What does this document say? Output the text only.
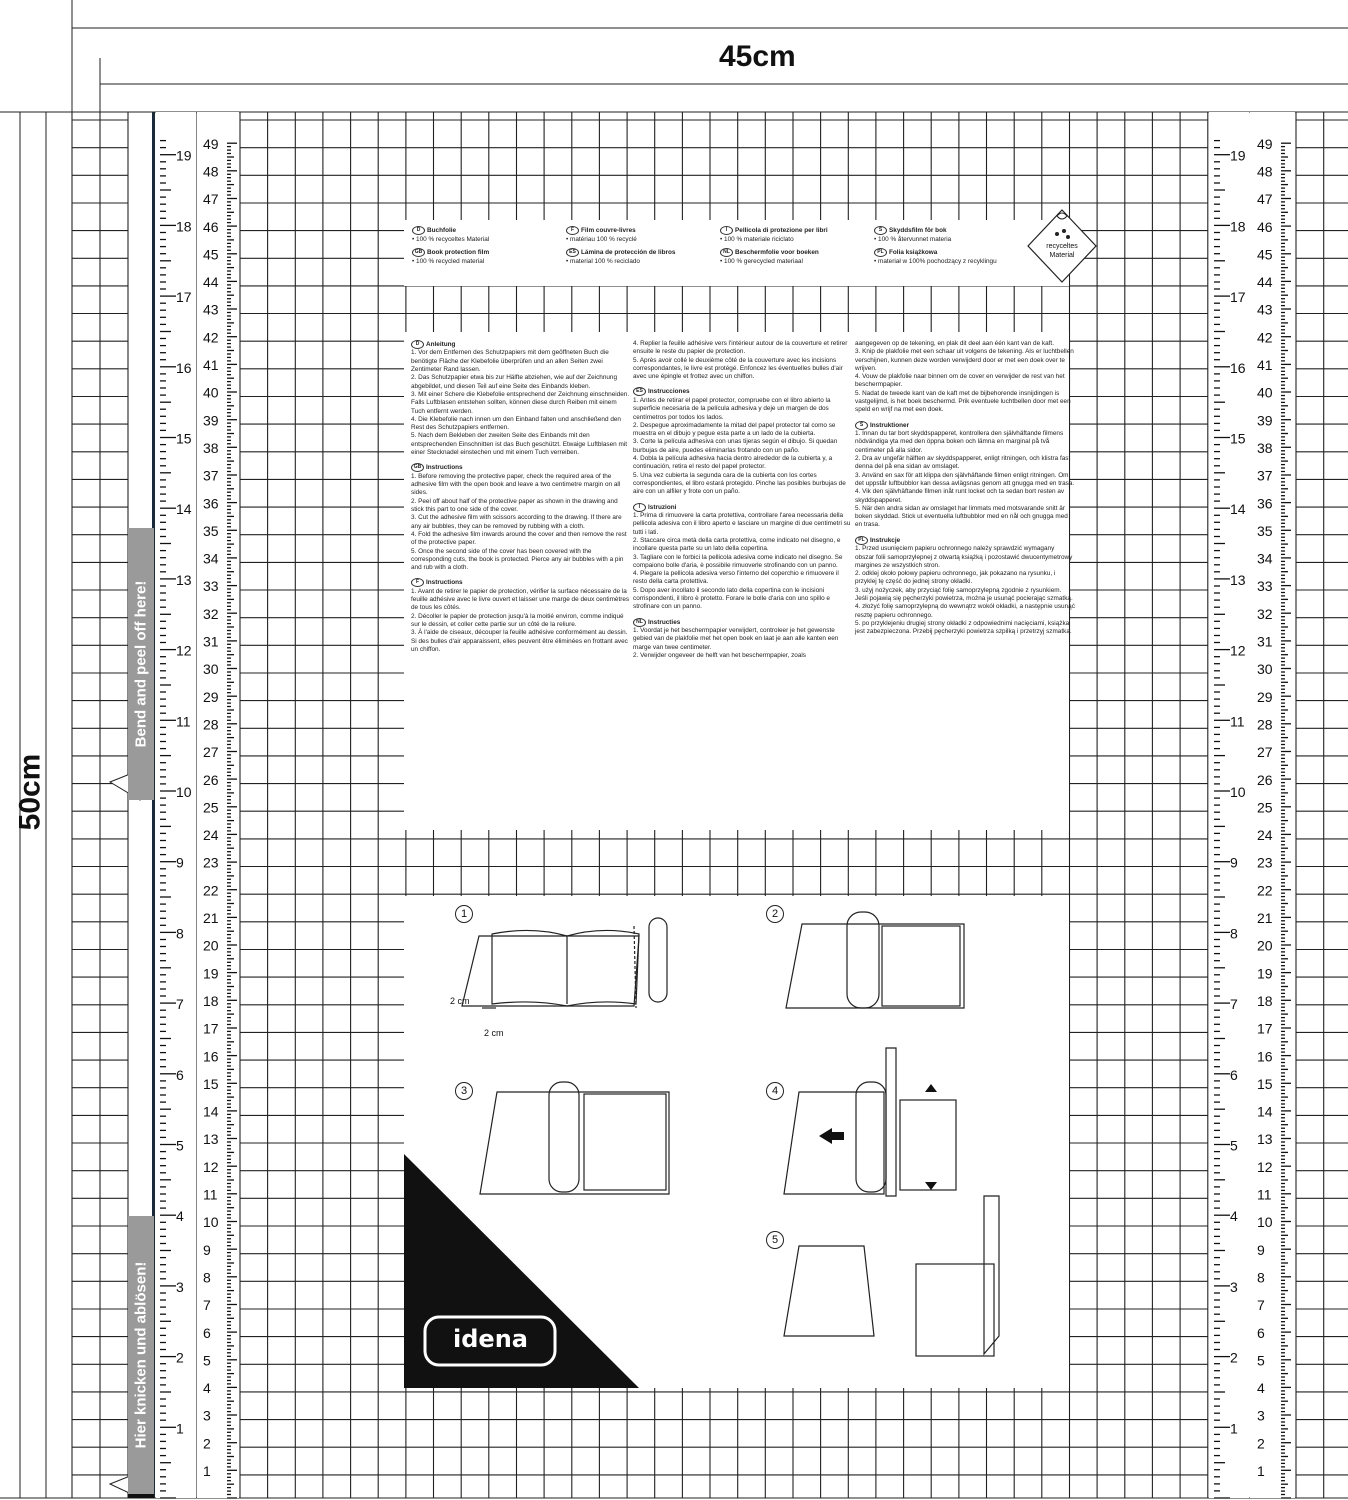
1
2
3
4
5
6
7
8
9
10
11
12
13
14
15
16
17
18
19
1
2
3
4
5
6
7
8
9
10
11
12
13
14
15
16
17
18
19
1
2
3
4
5
6
7
8
9
10
11
12
13
14
15
16
17
18
19
20
21
22
23
24
25
26
27
28
29
30
31
32
33
34
35
36
37
38
39
40
41
42
43
44
45
46
47
48
49
1
2
3
4
5
6
7
8
9
10
11
12
13
14
15
16
17
18
19
20
21
22
23
24
25
26
27
28
29
30
31
32
33
34
35
36
37
38
39
40
41
42
43
44
45
46
47
48
49
45cm
50cm
Bend and peel off here!
Hier knicken und ablösen!
D Buchfolie
• 100 % recyceltes Material
GB Book protection film
• 100 % recycled material
F Film couvre-livres
• matériau 100 % recyclé
ES Lámina de protección de libros
• material 100 % reciclado
I Pellicola di protezione per libri
• 100 % materiale riciclato
NL Beschermfolie voor boeken
• 100 % gerecycled materiaal
S Skyddsfilm för bok
• 100 % återvunnet materia
PL Folia książkowa
• materiał w 100% pochodzący z recyklingu
recyceltes
Material
D Anleitung

1. Vor dem Entfernen des Schutzpapiers mit dem geöffneten Buch die benötigte Fläche der Klebefolie überprüfen und an allen Seiten zwei Zentimeter Rand lassen.
2. Das Schutzpapier etwa bis zur Hälfte abziehen, wie auf der Zeichnung abgebildet, und diesen Teil auf eine Seite des Einbands kleben.
3. Mit einer Schere die Klebefolie entsprechend der Zeichnung einschneiden. Falls Luftblasen entstehen sollten, können diese durch Reiben mit einem Tuch entfernt werden.
4. Die Klebefolie nach innen um den Einband falten und anschließend den Rest des Schutzpapiers entfernen.
5. Nach dem Bekleben der zweiten Seite des Einbands mit den entsprechenden Einschnitten ist das Buch geschützt. Etwaige Luftblasen mit einer Stecknadel einstechen und mit einem Tuch verreiben.

GB Instructions

1. Before removing the protective paper, check the required area of the adhesive film with the open book and leave a two centimetre margin on all sides.
2. Peel off about half of the protective paper as shown in the drawing and stick this part to one side of the cover.
3. Cut the adhesive film with scissors according to the drawing. If there are any air bubbles, they can be removed by rubbing with a cloth.
4. Fold the adhesive film inwards around the cover and then remove the rest of the protective paper.
5. Once the second side of the cover has been covered with the corresponding cuts, the book is protected. Pierce any air bubbles with a pin and rub with a cloth.

F Instructions

1. Avant de retirer le papier de protection, vérifier la surface nécessaire de la feuille adhésive avec le livre ouvert et laisser une marge de deux centimètres de tous les côtés.
2. Décoller le papier de protection jusqu'à la moitié environ, comme indiqué sur le dessin, et coller cette partie sur un côté de la reliure.
3. À l'aide de ciseaux, découper la feuille adhésive conformément au dessin. Si des bulles d'air apparaissent, elles peuvent être éliminées en frottant avec un chiffon.

4. Replier la feuille adhésive vers l'intérieur autour de la couverture et retirer ensuite le reste du papier de protection.
5. Après avoir collé le deuxième côté de la couverture avec les incisions correspondantes, le livre est protégé. Enfoncez les éventuelles bulles d'air avec une épingle et frottez avec un chiffon.

ES Instrucciones

1. Antes de retirar el papel protector, compruebe con el libro abierto la superficie necesaria de la película adhesiva y deje un margen de dos centímetros por todos los lados.
2. Despegue aproximadamente la mitad del papel protector tal como se muestra en el dibujo y pegue esta parte a un lado de la cubierta.
3. Corte la película adhesiva con unas tijeras según el dibujo. Si quedan burbujas de aire, puedes eliminarlas frotando con un paño.
4. Dobla la película adhesiva hacia dentro alrededor de la cubierta y, a continuación, retira el resto del papel protector.
5. Una vez cubierta la segunda cara de la cubierta con los cortes correspondientes, el libro estará protegido. Pinche las posibles burbujas de aire con un alfiler y frote con un paño.

I Istruzioni

1. Prima di rimuovere la carta protettiva, controllare l'area necessaria della pellicola adesiva con il libro aperto e lasciare un margine di due centimetri su tutti i lati.
2. Staccare circa metà della carta protettiva, come indicato nel disegno, e incollare questa parte su un lato della copertina.
3. Tagliare con le forbici la pellicola adesiva come indicato nel disegno. Se compaiono bolle d'aria, è possibile rimuoverle strofinando con un panno.
4. Piegare la pellicola adesiva verso l'interno del coperchio e rimuovere il resto della carta protettiva.
5. Dopo aver incollato il secondo lato della copertina con le incisioni corrispondenti, il libro è protetto. Forare le bolle d'aria con uno spillo e strofinare con un panno.

NL Instructies

1. Voordat je het beschermpapier verwijdert, controleer je het gewenste gebied van de plakfolie met het open boek en laat je aan alle kanten een marge van twee centimeter.
2. Verwijder ongeveer de helft van het beschermpapier, zoals

aangegeven op de tekening, en plak dit deel aan één kant van de kaft.
3. Knip de plakfolie met een schaar uit volgens de tekening. Als er luchtbellen verschijnen, kunnen deze worden verwijderd door er met een doek over te wrijven.
4. Vouw de plakfolie naar binnen om de cover en verwijder de rest van het beschermpapier.
5. Nadat de tweede kant van de kaft met de bijbehorende insnijdingen is vastgelijmd, is het boek beschermd. Prik eventuele luchtbellen door met een speld en wrijf na met een doek.

S Instruktioner

1. Innan du tar bort skyddspapperet, kontrollera den självhäftande filmens nödvändiga yta med den öppna boken och lämna en marginal på två centimeter på alla sidor.
2. Dra av ungefär hälften av skyddspapperet, enligt ritningen, och klistra fast denna del på ena sidan av omslaget.
3. Använd en sax för att klippa den självhäftande filmen enligt ritningen. Om det uppstår luftbubblor kan dessa avlägsnas genom att gnugga med en trasa.
4. Vik den självhäftande filmen inåt runt locket och ta sedan bort resten av skyddspapperet.
5. När den andra sidan av omslaget har limmats med motsvarande snitt är boken skyddad. Stick ut eventuella luftbubblor med en nål och gnugga med en trasa.

PL Instrukcje

1. Przed usunięciem papieru ochronnego należy sprawdzić wymagany obszar folii samoprzylepnej z otwartą książką i pozostawić dwucentymetrowy margines ze wszystkich stron.
2. odklej około połowy papieru ochronnego, jak pokazano na rysunku, i przyklej tę część do jednej strony okładki.
3. użyj nożyczek, aby przyciąć folię samoprzylepną zgodnie z rysunkiem. Jeśli pojawią się pęcherzyki powietrza, można je usunąć pocierając szmatką.
4. złożyć folię samoprzylepną do wewnątrz wokół okładki, a następnie usunąć resztę papieru ochronnego.
5. po przyklejeniu drugiej strony okładki z odpowiednimi nacięciami, książka jest zabezpieczona. Przebij pęcherzyki powietrza szpilką i przetrzyj szmatką.

1	2
3	4
5
2 cm
2 cm
idena
